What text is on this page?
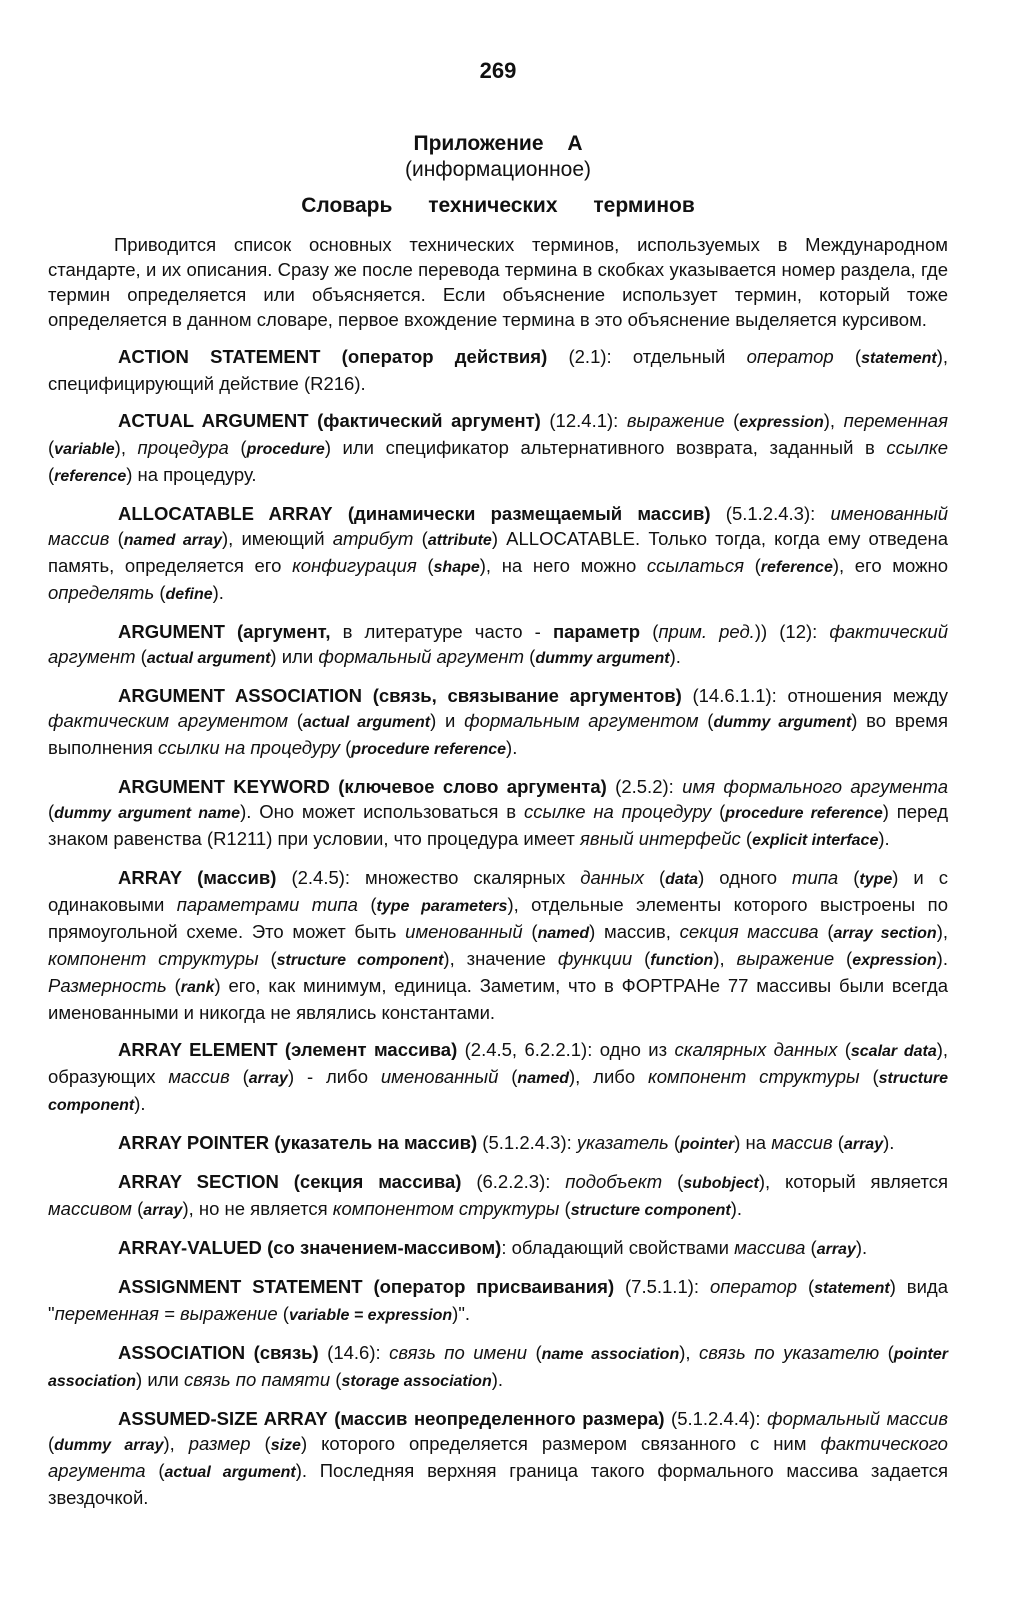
269
Приложение А
(информационное)
Словарь технических терминов

Приводится список основных технических терминов, используемых в Международном стандарте, и их описания. Сразу же после перевода термина в скобках указывается номер раздела, где термин определяется или объясняется. Если объяснение использует термин, который тоже определяется в данном словаре, первое вхождение термина в это объяснение выделяется курсивом.

ACTION STATEMENT (оператор действия) (2.1): отдельный оператор (statement), специфицирующий действие (R216).

ACTUAL ARGUMENT (фактический аргумент) (12.4.1): выражение (expression), переменная (variable), процедура (procedure) или спецификатор альтернативного возврата, заданный в ссылке (reference) на процедуру.

ALLOCATABLE ARRAY (динамически размещаемый массив) (5.1.2.4.3): именованный массив (named array), имеющий атрибут (attribute) ALLOCATABLE. Только тогда, когда ему отведена память, определяется его конфигурация (shape), на него можно ссылаться (reference), его можно определять (define).

ARGUMENT (аргумент, в литературе часто - параметр (прим. ред.)) (12): фактический аргумент (actual argument) или формальный аргумент (dummy argument).

ARGUMENT ASSOCIATION (связь, связывание аргументов) (14.6.1.1): отношения между фактическим аргументом (actual argument) и формальным аргументом (dummy argument) во время выполнения ссылки на процедуру (procedure reference).

ARGUMENT KEYWORD (ключевое слово аргумента) (2.5.2): имя формального аргумента (dummy argument name). Оно может использоваться в ссылке на процедуру (procedure reference) перед знаком равенства (R1211) при условии, что процедура имеет явный интерфейс (explicit interface).

ARRAY (массив) (2.4.5): множество скалярных данных (data) одного типа (type) и с одинаковыми параметрами типа (type parameters), отдельные элементы которого выстроены по прямоугольной схеме. Это может быть именованный (named) массив, секция массива (array section), компонент структуры (structure component), значение функции (function), выражение (expression). Размерность (rank) его, как минимум, единица. Заметим, что в ФОРТРАНе 77 массивы были всегда именованными и никогда не являлись константами.

ARRAY ELEMENT (элемент массива) (2.4.5, 6.2.2.1): одно из скалярных данных (scalar data), образующих массив (array) - либо именованный (named), либо компонент структуры (structure component).

ARRAY POINTER (указатель на массив) (5.1.2.4.3): указатель (pointer) на массив (array).

ARRAY SECTION (секция массива) (6.2.2.3): подобъект (subobject), который является массивом (array), но не является компонентом структуры (structure component).

ARRAY-VALUED (со значением-массивом): обладающий свойствами массива (array).

ASSIGNMENT STATEMENT (оператор присваивания) (7.5.1.1): оператор (statement) вида "переменная = выражение (variable = expression)".

ASSOCIATION (связь) (14.6): связь по имени (name association), связь по указателю (pointer association) или связь по памяти (storage association).

ASSUMED-SIZE ARRAY (массив неопределенного размера) (5.1.2.4.4): формальный массив (dummy array), размер (size) которого определяется размером связанного с ним фактического аргумента (actual argument). Последняя верхняя граница такого формального массива задается звездочкой.
